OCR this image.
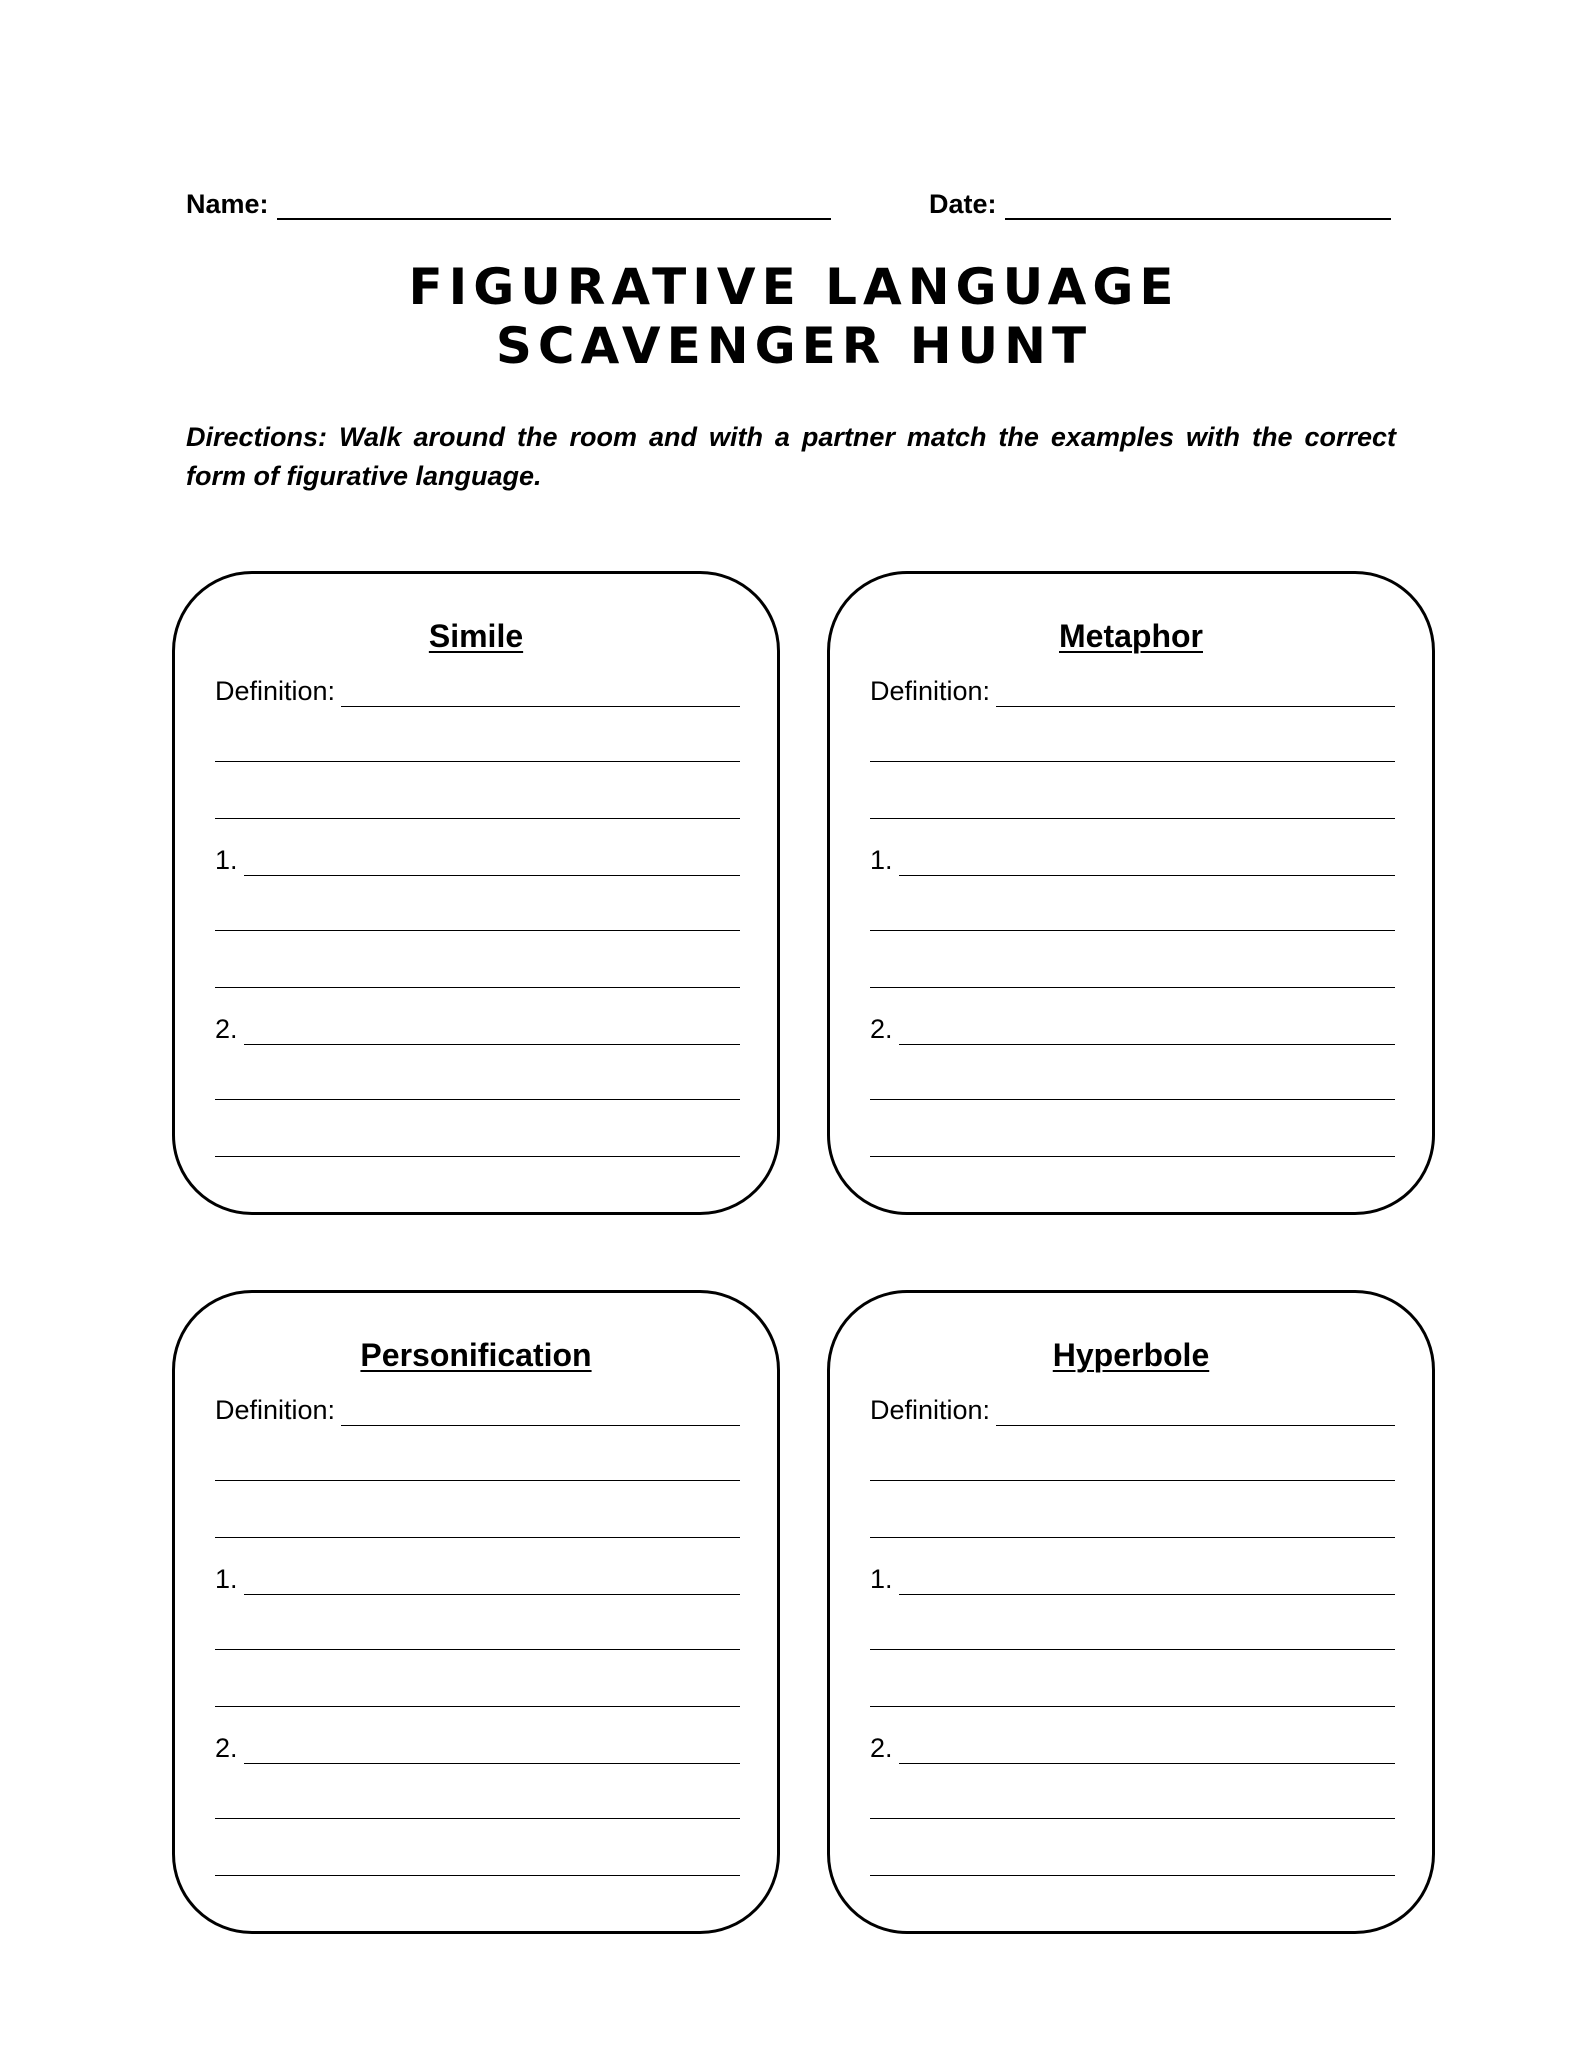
Name:	Date:
FIGURATIVE LANGUAGE
SCAVENGER HUNT
Directions: Walk around the room and with a partner match the examples with the correct form of figurative language.
Simile
Definition:
1.
2.
Metaphor
Definition:
1.
2.
Personification
Definition:
1.
2.
Hyperbole
Definition:
1.
2.
